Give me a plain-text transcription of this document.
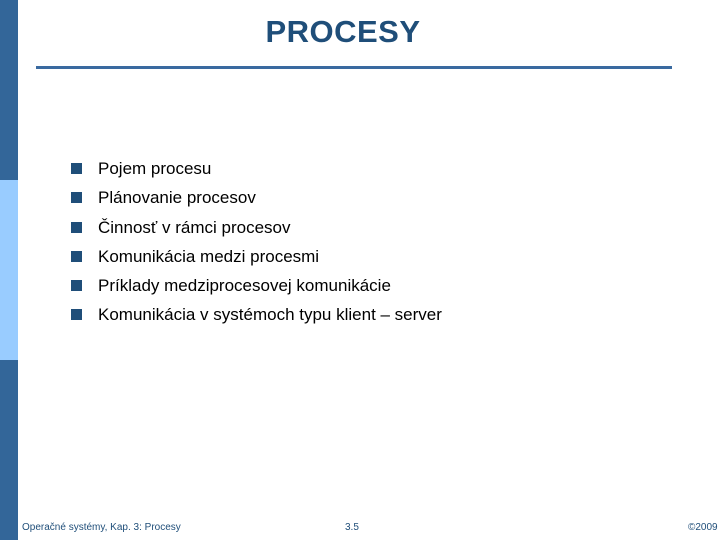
PROCESY
Pojem procesu
Plánovanie procesov
Činnosť v rámci procesov
Komunikácia medzi procesmi
Príklady medziprocesovej komunikácie
Komunikácia v systémoch typu klient – server
Operačné systémy, Kap. 3: Procesy	3.5	©2009
